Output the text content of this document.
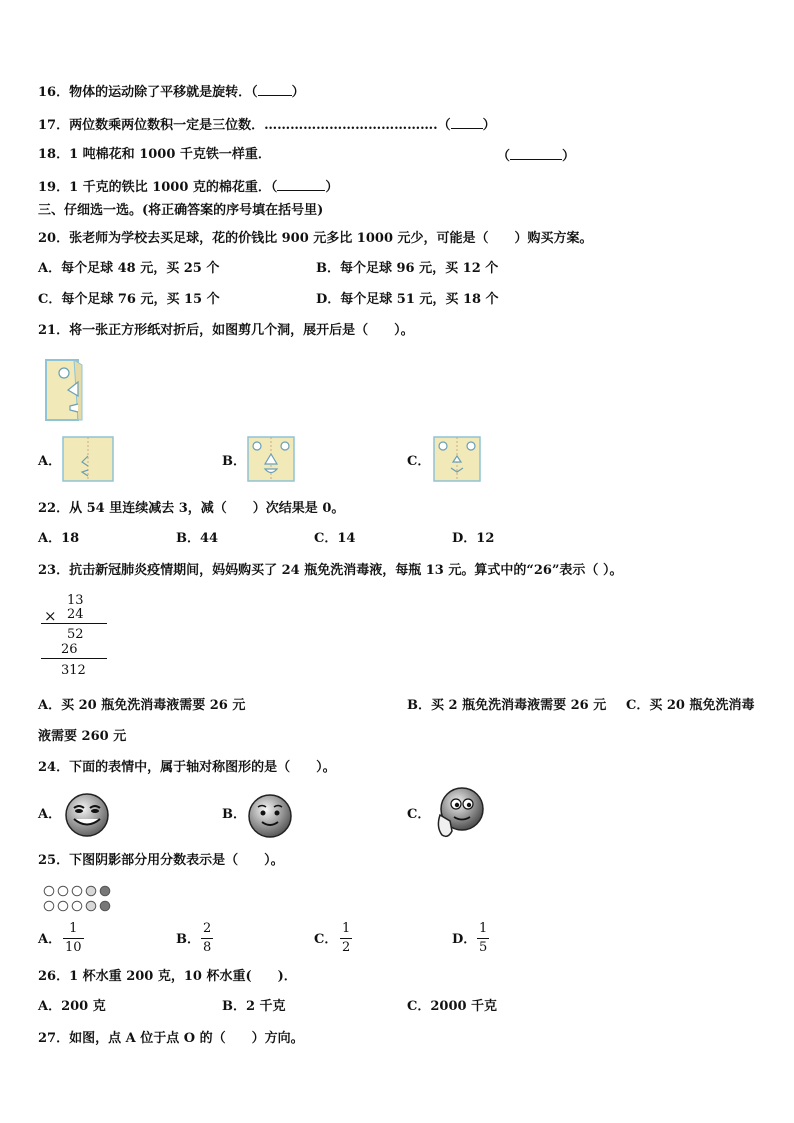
16．物体的运动除了平移就是旋转．（	）
17．两位数乘两位数积一定是三位数．………………………………….（ ）
18．1 吨棉花和 1000 千克铁一样重．	（	）
19．1 千克的铁比 1000 克的棉花重．（	）
三、仔细选一选。(将正确答案的序号填在括号里)
20．张老师为学校去买足球，花的价钱比 900 元多比 1000 元少，可能是（　　）购买方案。
A．每个足球 48 元，买 25 个	B．每个足球 96 元，买 12 个
C．每个足球 76 元，买 15 个	D．每个足球 51 元，买 18 个
21．将一张正方形纸对折后，如图剪几个洞，展开后是（　　）。
A．	B．	C．
22．从 54 里连续减去 3，减（　　）次结果是 0。
A．18	B．44	C．14	D．12
23．抗击新冠肺炎疫情期间，妈妈购买了 24 瓶免洗消毒液，每瓶 13 元。算式中的“26”表示（ ）。
13
× 24
52
26
312
A．买 20 瓶免洗消毒液需要 26 元	B．买 2 瓶免洗消毒液需要 26 元 C．买 20 瓶免洗消毒
液需要 260 元
24．下面的表情中，属于轴对称图形的是（　　）。
A．	B．	C．
25．下图阴影部分用分数表示是（　　）。
A．
1
10
B．
2
8
C．
1
2
D．
1
5
26．1 杯水重 200 克，10 杯水重(　　)．
A．200 克	B．2 千克	C．2000 千克
27．如图，点 A 位于点 O 的（　　）方向。
